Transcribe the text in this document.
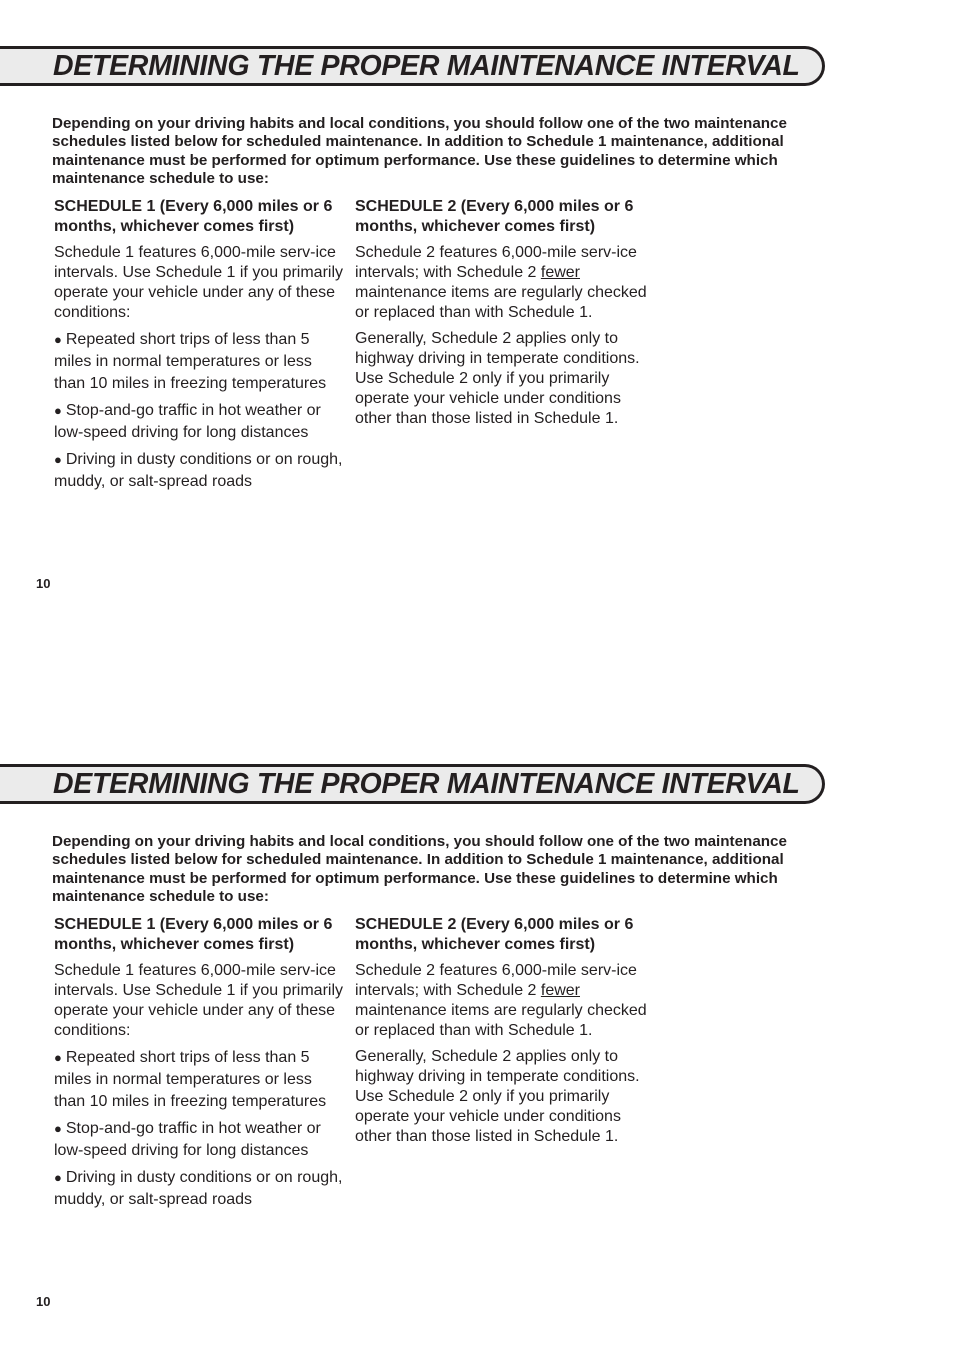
DETERMINING THE PROPER MAINTENANCE INTERVAL

Depending on your driving habits and local conditions, you should follow one of the two maintenance schedules listed below for scheduled maintenance. In addition to Schedule 1 maintenance, additional maintenance must be performed for optimum performance. Use these guidelines to determine which maintenance schedule to use:

SCHEDULE 1 (Every 6,000 miles or 6 months, whichever comes first)

Schedule 1 features 6,000-mile serv-ice intervals. Use Schedule 1 if you primarily operate your vehicle under any of these conditions:

● Repeated short trips of less than 5 miles in normal temperatures or less than 10 miles in freezing temperatures

● Stop-and-go traffic in hot weather or low-speed driving for long distances

● Driving in dusty conditions or on rough, muddy, or salt-spread roads

SCHEDULE 2 (Every 6,000 miles or 6 months, whichever comes first)

Schedule 2 features 6,000-mile serv-ice intervals; with Schedule 2 fewer maintenance items are regularly checked or replaced than with Schedule 1.

Generally, Schedule 2 applies only to highway driving in temperate conditions. Use Schedule 2 only if you primarily operate your vehicle under conditions other than those listed in Schedule 1.

10
DETERMINING THE PROPER MAINTENANCE INTERVAL

Depending on your driving habits and local conditions, you should follow one of the two maintenance schedules listed below for scheduled maintenance. In addition to Schedule 1 maintenance, additional maintenance must be performed for optimum performance. Use these guidelines to determine which maintenance schedule to use:

SCHEDULE 1 (Every 6,000 miles or 6 months, whichever comes first)

Schedule 1 features 6,000-mile serv-ice intervals. Use Schedule 1 if you primarily operate your vehicle under any of these conditions:

● Repeated short trips of less than 5 miles in normal temperatures or less than 10 miles in freezing temperatures

● Stop-and-go traffic in hot weather or low-speed driving for long distances

● Driving in dusty conditions or on rough, muddy, or salt-spread roads

SCHEDULE 2 (Every 6,000 miles or 6 months, whichever comes first)

Schedule 2 features 6,000-mile serv-ice intervals; with Schedule 2 fewer maintenance items are regularly checked or replaced than with Schedule 1.

Generally, Schedule 2 applies only to highway driving in temperate conditions. Use Schedule 2 only if you primarily operate your vehicle under conditions other than those listed in Schedule 1.

10
